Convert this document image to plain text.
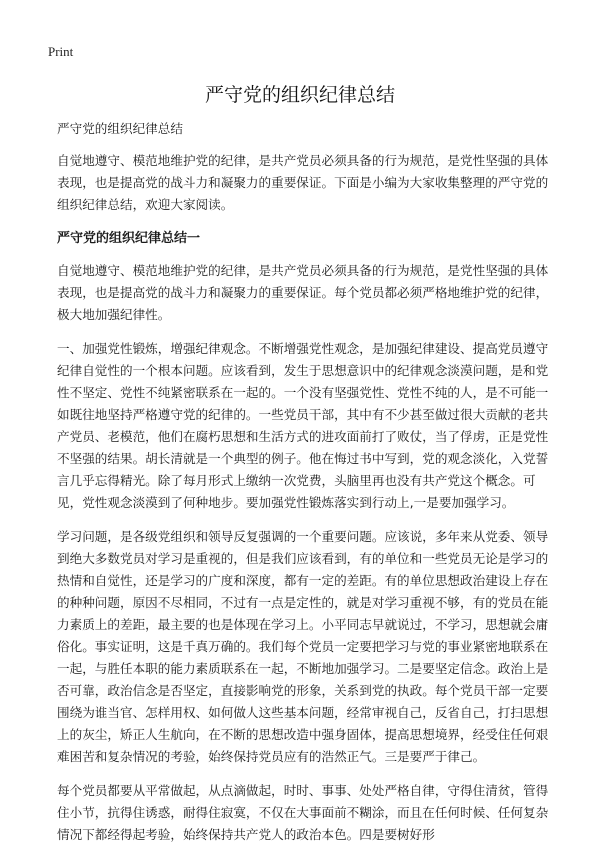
Print
严守党的组织纪律总结

严守党的组织纪律总结

自觉地遵守、模范地维护党的纪律，是共产党员必须具备的行为规范，是党性坚强的具体表现，也是提高党的战斗力和凝聚力的重要保证。下面是小编为大家收集整理的严守党的组织纪律总结，欢迎大家阅读。

严守党的组织纪律总结一

自觉地遵守、模范地维护党的纪律，是共产党员必须具备的行为规范，是党性坚强的具体表现，也是提高党的战斗力和凝聚力的重要保证。每个党员都必须严格地维护党的纪律，极大地加强纪律性。

一、加强党性锻炼，增强纪律观念。不断增强党性观念，是加强纪律建设、提高党员遵守纪律自觉性的一个根本问题。应该看到，发生于思想意识中的纪律观念淡漠问题，是和党性不坚定、党性不纯紧密联系在一起的。一个没有坚强党性、党性不纯的人，是不可能一如既往地坚持严格遵守党的纪律的。一些党员干部，其中有不少甚至做过很大贡献的老共产党员、老模范，他们在腐朽思想和生活方式的进攻面前打了败仗，当了俘虏，正是党性不坚强的结果。胡长清就是一个典型的例子。他在悔过书中写到，党的观念淡化，入党誓言几乎忘得精光。除了每月形式上缴纳一次党费，头脑里再也没有共产党这个概念。可见，党性观念淡漠到了何种地步。要加强党性锻炼落实到行动上,一是要加强学习。

学习问题，是各级党组织和领导反复强调的一个重要问题。应该说，多年来从党委、领导到绝大多数党员对学习是重视的，但是我们应该看到，有的单位和一些党员无论是学习的热情和自觉性，还是学习的广度和深度，都有一定的差距。有的单位思想政治建设上存在的种种问题，原因不尽相同，不过有一点是定性的，就是对学习重视不够，有的党员在能力素质上的差距，最主要的也是体现在学习上。小平同志早就说过，不学习，思想就会庸俗化。事实证明，这是千真万确的。我们每个党员一定要把学习与党的事业紧密地联系在一起，与胜任本职的能力素质联系在一起，不断地加强学习。二是要坚定信念。政治上是否可靠，政治信念是否坚定，直接影响党的形象，关系到党的执政。每个党员干部一定要围绕为谁当官、怎样用权、如何做人这些基本问题，经常审视自己，反省自己，打扫思想上的灰尘，矫正人生航向，在不断的思想改造中强身固体，提高思想境界，经受住任何艰难困苦和复杂情况的考验，始终保持党员应有的浩然正气。三是要严于律己。

每个党员都要从平常做起，从点滴做起，时时、事事、处处严格自律，守得住清贫，管得住小节，抗得住诱惑，耐得住寂寞，不仅在大事面前不糊涂，而且在任何时候、任何复杂情况下都经得起考验，始终保持共产党人的政治本色。四是要树好形
